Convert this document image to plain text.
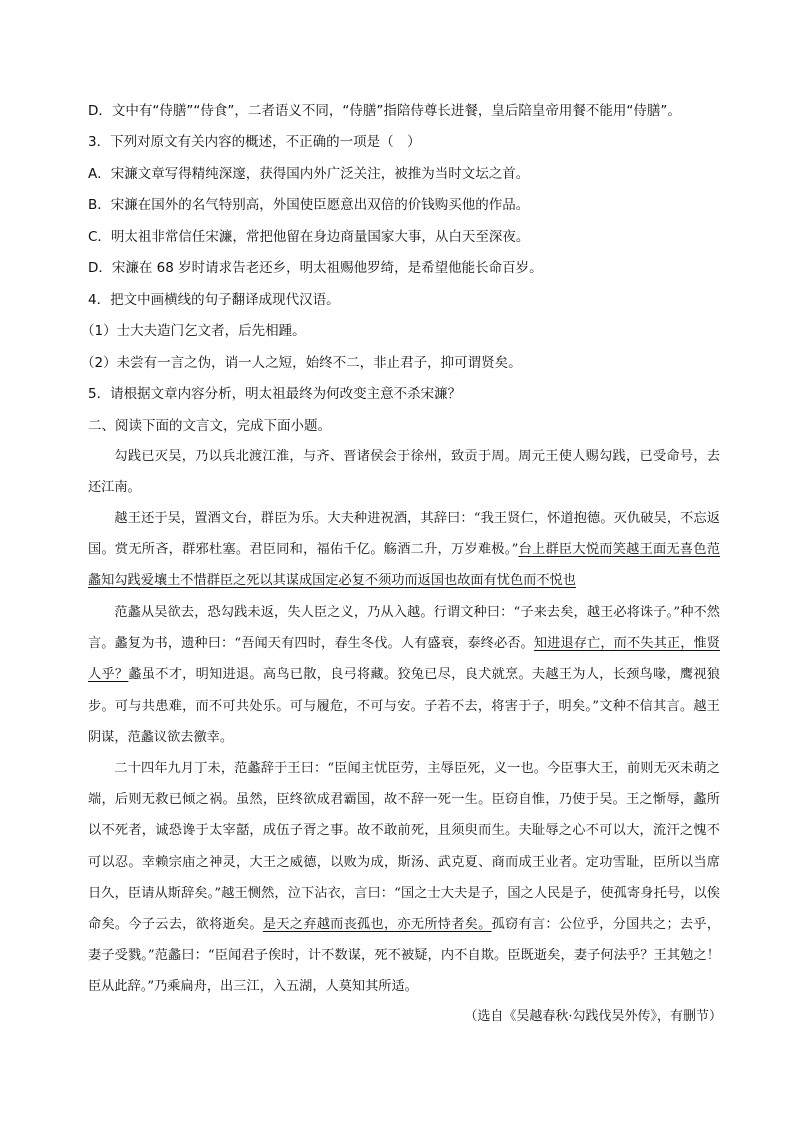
D．文中有“侍膳”“侍食”，二者语义不同，“侍膳”指陪侍尊长进餐，皇后陪皇帝用餐不能用“侍膳”。
3．下列对原文有关内容的概述，不正确的一项是（　）
A．宋濂文章写得精纯深邃，获得国内外广泛关注，被推为当时文坛之首。
B．宋濂在国外的名气特别高，外国使臣愿意出双倍的价钱购买他的作品。
C．明太祖非常信任宋濂，常把他留在身边商量国家大事，从白天至深夜。
D．宋濂在 68 岁时请求告老还乡，明太祖赐他罗绮，是希望他能长命百岁。
4．把文中画横线的句子翻译成现代汉语。
（1）士大夫造门乞文者，后先相踵。
（2）未尝有一言之伪，诮一人之短，始终不二，非止君子，抑可谓贤矣。
5．请根据文章内容分析，明太祖最终为何改变主意不杀宋濂？
二、阅读下面的文言文，完成下面小题。
勾践已灭吴，乃以兵北渡江淮，与齐、晋诸侯会于徐州，致贡于周。周元王使人赐勾践，已受命号，去还江南。
越王还于吴，置酒文台，群臣为乐。大夫种进祝酒，其辞曰：“我王贤仁，怀道抱德。灭仇破吴，不忘返国。赏无所吝，群邪杜塞。君臣同和，福佑千亿。觞酒二升，万岁难极。”台上群臣大悦而笑越王面无喜色范蠡知勾践爱壤土不惜群臣之死以其谋成国定必复不须功而返国也故面有忧色而不悦也
范蠡从吴欲去，恐勾践未返，失人臣之义，乃从入越。行谓文种曰：“子来去矣，越王必将诛子。”种不然言。蠡复为书，遗种曰：“吾闻天有四时，春生冬伐。人有盛衰，泰终必否。知进退存亡，而不失其正，惟贤人乎？蠡虽不才，明知进退。高鸟已散，良弓将藏。狡兔已尽，良犬就烹。夫越王为人，长颈鸟喙，鹰视狼步。可与共患难，而不可共处乐。可与履危，不可与安。子若不去，将害于子，明矣。”文种不信其言。越王阴谋，范蠡议欲去徼幸。
二十四年九月丁未，范蠡辞于王曰：“臣闻主忧臣劳，主辱臣死，义一也。今臣事大王，前则无灭未萌之端，后则无救已倾之祸。虽然，臣终欲成君霸国，故不辞一死一生。臣窃自惟，乃使于吴。王之惭辱，蠡所以不死者，诚恐谗于太宰嚭，成伍子胥之事。故不敢前死，且须臾而生。夫耻辱之心不可以大，流汗之愧不可以忍。幸赖宗庙之神灵，大王之威德，以败为成，斯汤、武克夏、商而成王业者。定功雪耻，臣所以当席日久，臣请从斯辞矣。”越王恻然，泣下沾衣，言曰：“国之士大夫是子，国之人民是子，使孤寄身托号，以俟命矣。今子云去，欲将逝矣。是天之弃越而丧孤也，亦无所恃者矣。孤窃有言：公位乎，分国共之；去乎，妻子受戮。”范蠡曰：“臣闻君子俟时，计不数谋，死不被疑，内不自欺。臣既逝矣，妻子何法乎？王其勉之！臣从此辞。”乃乘扁舟，出三江，入五湖，人莫知其所适。
（选自《吴越春秋·勾践伐吴外传》，有删节）
